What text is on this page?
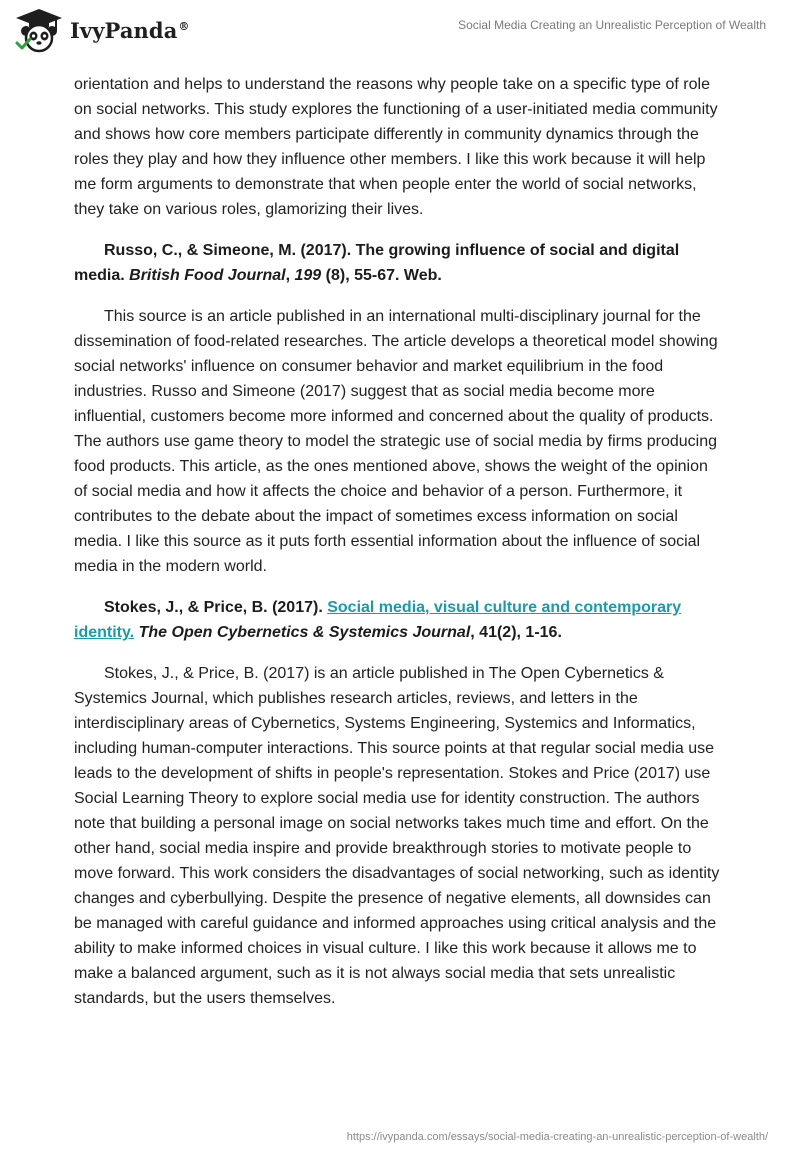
IvyPanda®	Social Media Creating an Unrealistic Perception of Wealth

orientation and helps to understand the reasons why people take on a specific type of role on social networks. This study explores the functioning of a user-initiated media community and shows how core members participate differently in community dynamics through the roles they play and how they influence other members. I like this work because it will help me form arguments to demonstrate that when people enter the world of social networks, they take on various roles, glamorizing their lives.

Russo, C., & Simeone, M. (2017). The growing influence of social and digital media. British Food Journal, 199 (8), 55-67. Web.

This source is an article published in an international multi-disciplinary journal for the dissemination of food-related researches. The article develops a theoretical model showing social networks' influence on consumer behavior and market equilibrium in the food industries. Russo and Simeone (2017) suggest that as social media become more influential, customers become more informed and concerned about the quality of products. The authors use game theory to model the strategic use of social media by firms producing food products. This article, as the ones mentioned above, shows the weight of the opinion of social media and how it affects the choice and behavior of a person. Furthermore, it contributes to the debate about the impact of sometimes excess information on social media. I like this source as it puts forth essential information about the influence of social media in the modern world.

Stokes, J., & Price, B. (2017). Social media, visual culture and contemporary identity. The Open Cybernetics & Systemics Journal, 41(2), 1-16.

Stokes, J., & Price, B. (2017) is an article published in The Open Cybernetics & Systemics Journal, which publishes research articles, reviews, and letters in the interdisciplinary areas of Cybernetics, Systems Engineering, Systemics and Informatics, including human-computer interactions. This source points at that regular social media use leads to the development of shifts in people's representation. Stokes and Price (2017) use Social Learning Theory to explore social media use for identity construction. The authors note that building a personal image on social networks takes much time and effort. On the other hand, social media inspire and provide breakthrough stories to motivate people to move forward. This work considers the disadvantages of social networking, such as identity changes and cyberbullying. Despite the presence of negative elements, all downsides can be managed with careful guidance and informed approaches using critical analysis and the ability to make informed choices in visual culture. I like this work because it allows me to make a balanced argument, such as it is not always social media that sets unrealistic standards, but the users themselves.

https://ivypanda.com/essays/social-media-creating-an-unrealistic-perception-of-wealth/
